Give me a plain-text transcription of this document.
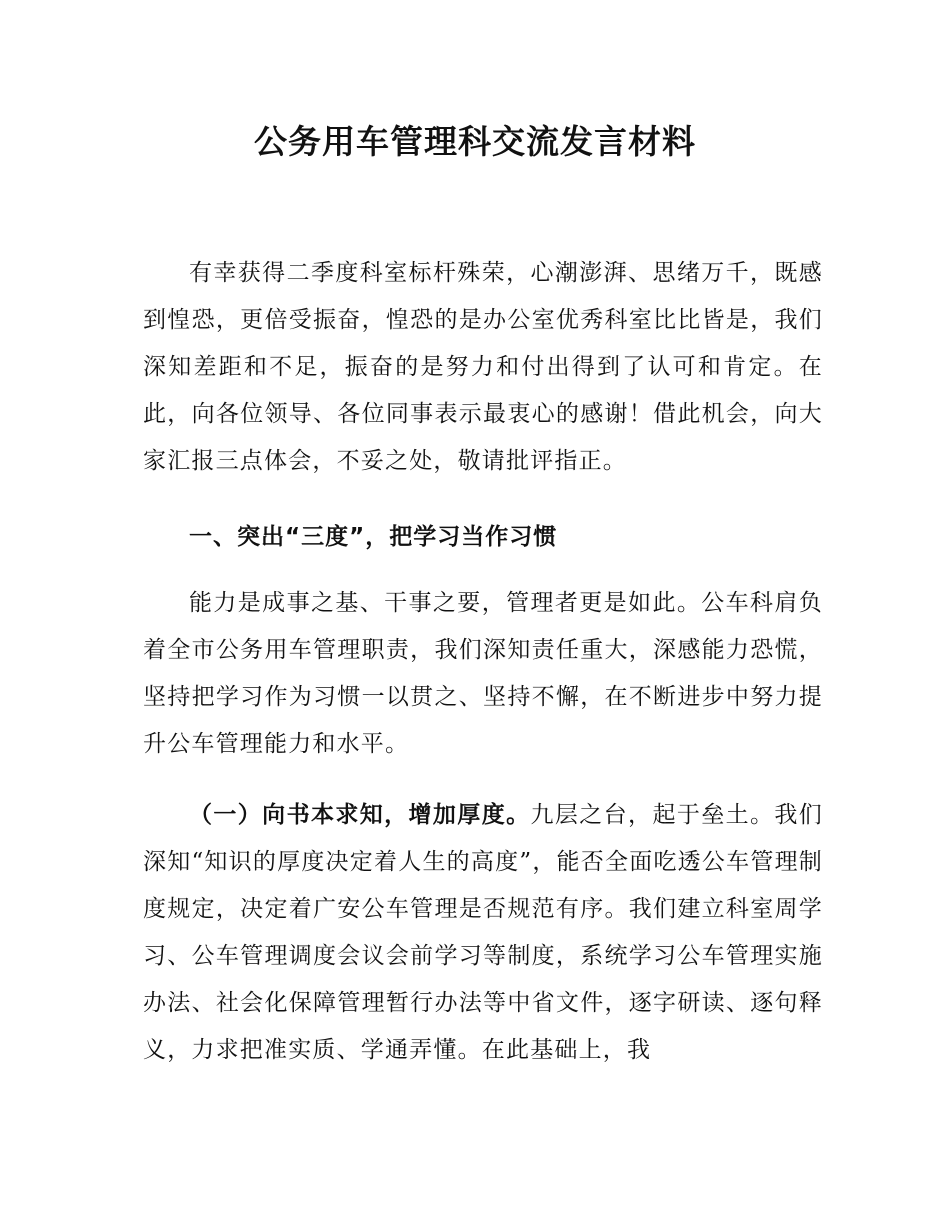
公务用车管理科交流发言材料

有幸获得二季度科室标杆殊荣，心潮澎湃、思绪万千，既感到惶恐，更倍受振奋，惶恐的是办公室优秀科室比比皆是，我们深知差距和不足，振奋的是努力和付出得到了认可和肯定。在此，向各位领导、各位同事表示最衷心的感谢！借此机会，向大家汇报三点体会，不妥之处，敬请批评指正。

一、突出“三度”，把学习当作习惯

能力是成事之基、干事之要，管理者更是如此。公车科肩负着全市公务用车管理职责，我们深知责任重大，深感能力恐慌，坚持把学习作为习惯一以贯之、坚持不懈，在不断进步中努力提升公车管理能力和水平。

（一）向书本求知，增加厚度。九层之台，起于垒土。我们深知“知识的厚度决定着人生的高度”，能否全面吃透公车管理制度规定，决定着广安公车管理是否规范有序。我们建立科室周学习、公车管理调度会议会前学习等制度，系统学习公车管理实施办法、社会化保障管理暂行办法等中省文件，逐字研读、逐句释义，力求把准实质、学通弄懂。在此基础上，我
